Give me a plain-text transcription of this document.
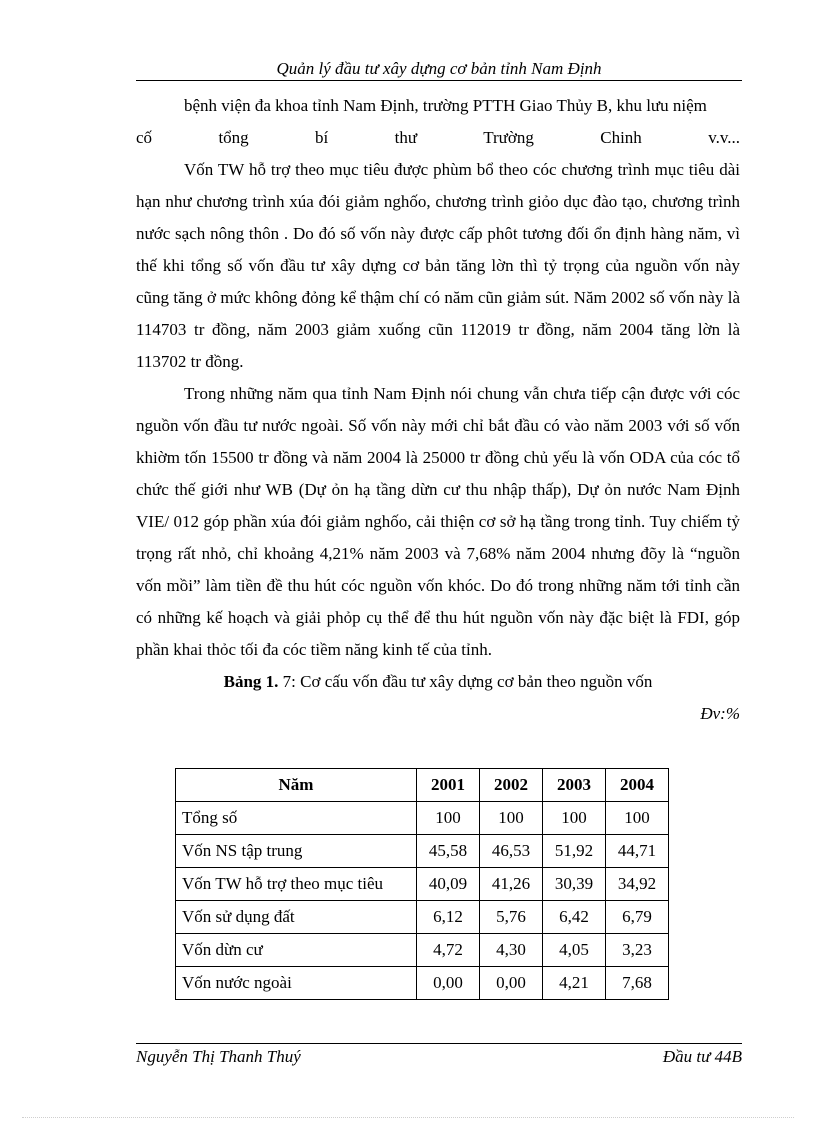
Quản lý đầu tư xây dựng cơ bản tỉnh Nam Định

bệnh viện đa khoa tỉnh Nam Định, trường PTTH Giao Thủy B, khu lưu niệm

cố tổng bí thư Trường Chinh v.v...

Vốn TW hỗ trợ theo mục tiêu được phùm bổ theo cóc chương trình mục tiêu dài hạn như chương trình xúa đói giảm nghốo, chương trình giỏo dục đào tạo, chương trình nước sạch nông thôn . Do đó số vốn này được cấp phôt tương đối ổn định hàng năm, vì thế khi tổng số vốn đầu tư xây dựng cơ bản tăng lờn thì tỷ trọng của nguồn vốn này cũng tăng ở mức không đỏng kể thậm chí có năm cũn giảm sút. Năm 2002 số vốn này là 114703 tr đồng, năm 2003 giảm xuống cũn 112019 tr đồng, năm 2004 tăng lờn là 113702 tr đồng.

Trong những năm qua tỉnh Nam Định nói chung vẫn chưa tiếp cận được với cóc nguồn vốn đầu tư nước ngoài. Số vốn này mới chỉ bắt đầu có vào năm 2003 với số vốn khiờm tốn 15500 tr đồng và năm 2004 là 25000 tr đồng chủ yếu là vốn ODA của cóc tổ chức thế giới như WB (Dự ỏn hạ tầng dừn cư thu nhập thấp), Dự ỏn nước Nam Định VIE/ 012 góp phần xúa đói giảm nghốo, cải thiện cơ sở hạ tầng trong tỉnh. Tuy chiếm tỷ trọng rất nhỏ, chỉ khoảng 4,21% năm 2003 và 7,68% năm 2004 nhưng đõy là “nguồn vốn mồi” làm tiền đề thu hút cóc nguồn vốn khóc. Do đó trong những năm tới tỉnh cần có những kế hoạch và giải phỏp cụ thể để thu hút nguồn vốn này đặc biệt là FDI, góp phần khai thỏc tối đa cóc tiềm năng kinh tế của tỉnh.

Bảng 1. 7: Cơ cấu vốn đầu tư xây dựng cơ bản theo nguồn vốn

Đv:%

Năm	2001	2002	2003	2004
Tổng số	100	100	100	100
Vốn NS tập trung	45,58	46,53	51,92	44,71
Vốn TW hỗ trợ theo mục tiêu	40,09	41,26	30,39	34,92
Vốn sử dụng đất	6,12	5,76	6,42	6,79
Vốn dừn cư	4,72	4,30	4,05	3,23
Vốn nước ngoài	0,00	0,00	4,21	7,68
Nguyễn Thị Thanh Thuý	Đầu tư 44B
